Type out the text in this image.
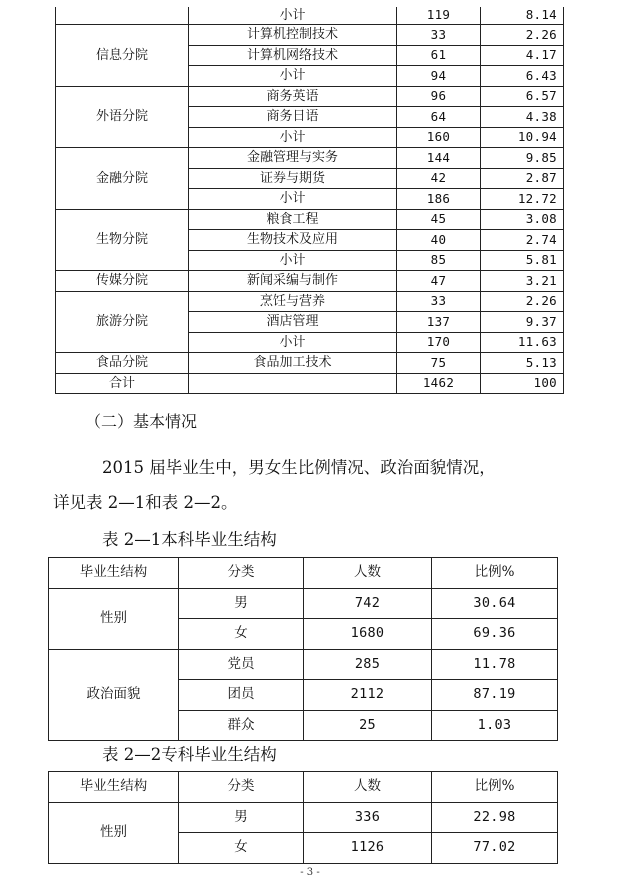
	小计	119	8.14
信息分院	计算机控制技术	33	2.26
	计算机网络技术	61	4.17
	小计	94	6.43
外语分院	商务英语	96	6.57
	商务日语	64	4.38
	小计	160	10.94
金融分院	金融管理与实务	144	9.85
	证券与期货	42	2.87
	小计	186	12.72
生物分院	粮食工程	45	3.08
	生物技术及应用	40	2.74
	小计	85	5.81
传媒分院	新闻采编与制作	47	3.21
旅游分院	烹饪与营养	33	2.26
	酒店管理	137	9.37
	小计	170	11.63
食品分院	食品加工技术	75	5.13
合计		1462	100
（二）基本情况
2015 届毕业生中，男女生比例情况、政治面貌情况，
详见表 2—1和表 2—2。
表 2—1本科毕业生结构
毕业生结构	分类	人数	比例%
性别	男	742	30.64
	女	1680	69.36
政治面貌	党员	285	11.78
	团员	2112	87.19
	群众	25	1.03
表 2—2专科毕业生结构
毕业生结构	分类	人数	比例%
性别	男	336	22.98
	女	1126	77.02
- 3 -
